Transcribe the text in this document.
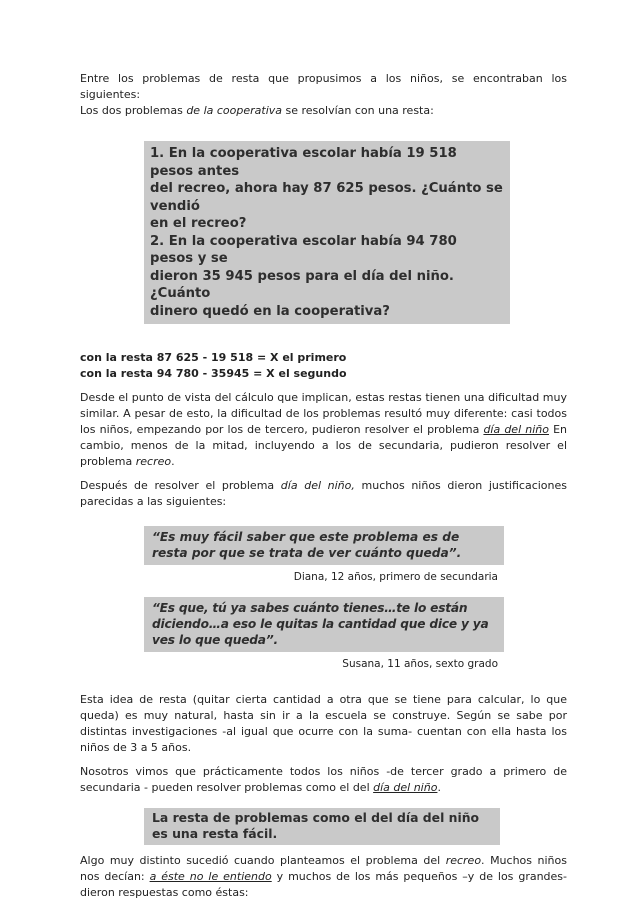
Entre los problemas de resta que propusimos a los niños, se encontraban los siguientes:
Los dos problemas de la cooperativa se resolvían con una resta:

1. En la cooperativa escolar había 19 518 pesos antes
del recreo, ahora hay 87 625 pesos. ¿Cuánto se vendió
en el recreo?
2. En la cooperativa escolar había 94 780 pesos y se
dieron 35 945 pesos para el día del niño. ¿Cuánto
dinero quedó en la cooperativa?

con la resta 87 625 - 19 518 = X el primero
con la resta 94 780 - 35945 = X el segundo

Desde el punto de vista del cálculo que implican, estas restas tienen una dificultad muy similar. A pesar de esto, la dificultad de los problemas resultó muy diferente: casi todos los niños, empezando por los de tercero, pudieron resolver el problema día del niño En cambio, menos de la mitad, incluyendo a los de secundaria, pudieron resolver el problema recreo.

Después de resolver el problema día del niño, muchos niños dieron justificaciones parecidas a las siguientes:

“Es muy fácil saber que este problema es de resta por que se trata de ver cuánto queda”.
Diana, 12 años, primero de secundaria
“Es que, tú ya sabes cuánto tienes…te lo están diciendo…a eso le quitas la cantidad que dice y ya ves lo que queda”.
Susana, 11 años, sexto grado

Esta idea de resta (quitar cierta cantidad a otra que se tiene para calcular, lo que queda) es muy natural, hasta sin ir a la escuela se construye. Según se sabe por distintas investigaciones -al igual que ocurre con la suma- cuentan con ella hasta los niños de 3 a 5 años.

Nosotros vimos que prácticamente todos los niños -de tercer grado a primero de secundaria - pueden resolver problemas como el del día del niño.

La resta de problemas como el del día del niño es una resta fácil.

Algo muy distinto sucedió cuando planteamos el problema del recreo. Muchos niños nos decían: a éste no le entiendo y muchos de los más pequeños –y de los grandes- dieron respuestas como éstas:
